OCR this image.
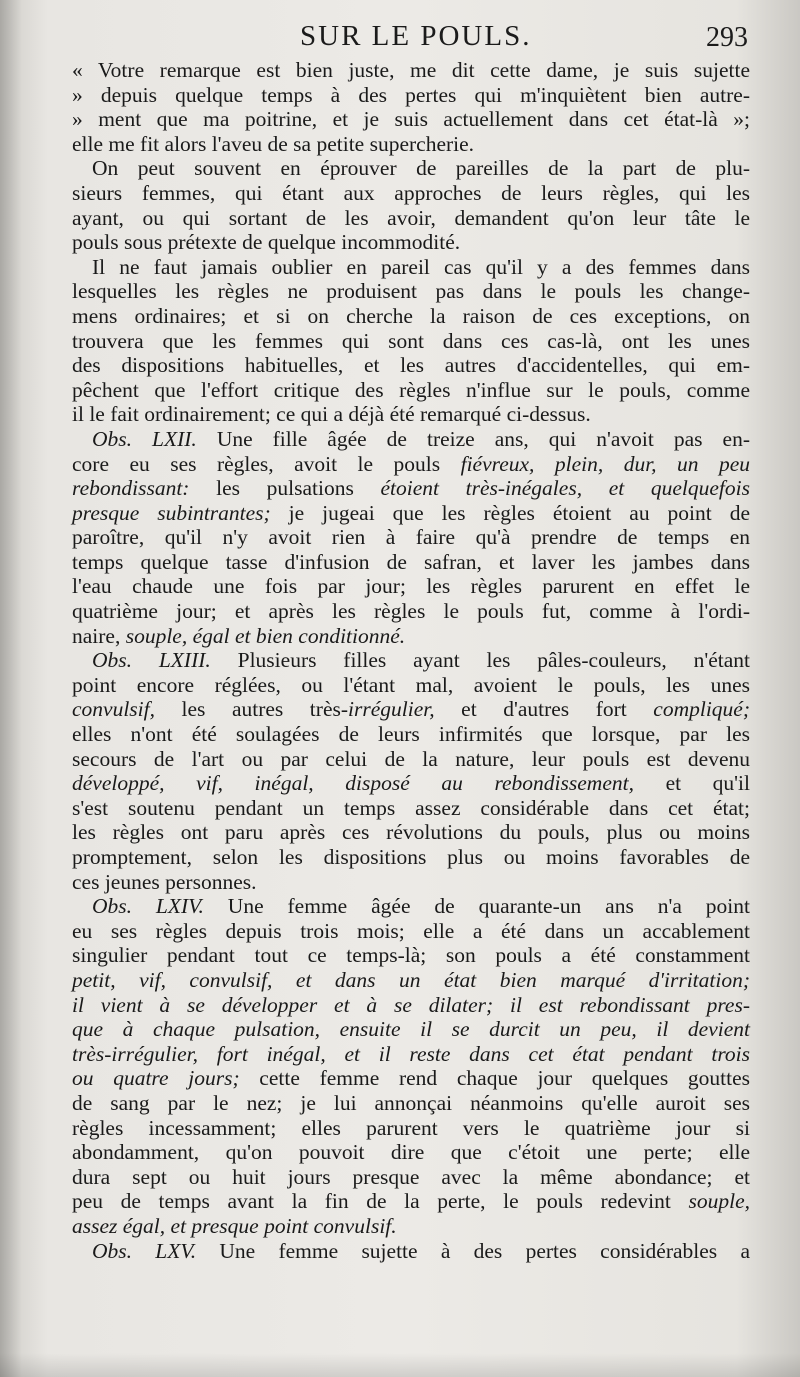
SUR LE POULS.	293
« Votre remarque est bien juste, me dit cette dame, je suis sujette
» depuis quelque temps à des pertes qui m'inquiètent bien autre-
» ment que ma poitrine, et je suis actuellement dans cet état-là »;
elle me fit alors l'aveu de sa petite supercherie.
On peut souvent en éprouver de pareilles de la part de plu-
sieurs femmes, qui étant aux approches de leurs règles, qui les
ayant, ou qui sortant de les avoir, demandent qu'on leur tâte le
pouls sous prétexte de quelque incommodité.
Il ne faut jamais oublier en pareil cas qu'il y a des femmes dans
lesquelles les règles ne produisent pas dans le pouls les change-
mens ordinaires; et si on cherche la raison de ces exceptions, on
trouvera que les femmes qui sont dans ces cas-là, ont les unes
des dispositions habituelles, et les autres d'accidentelles, qui em-
pêchent que l'effort critique des règles n'influe sur le pouls, comme
il le fait ordinairement; ce qui a déjà été remarqué ci-dessus.
Obs. LXII. Une fille âgée de treize ans, qui n'avoit pas en-
core eu ses règles, avoit le pouls fiévreux, plein, dur, un peu
rebondissant: les pulsations étoient très-inégales, et quelquefois
presque subintrantes; je jugeai que les règles étoient au point de
paroître, qu'il n'y avoit rien à faire qu'à prendre de temps en
temps quelque tasse d'infusion de safran, et laver les jambes dans
l'eau chaude une fois par jour; les règles parurent en effet le
quatrième jour; et après les règles le pouls fut, comme à l'ordi-
naire, souple, égal et bien conditionné.
Obs. LXIII. Plusieurs filles ayant les pâles-couleurs, n'étant
point encore réglées, ou l'étant mal, avoient le pouls, les unes
convulsif, les autres très-irrégulier, et d'autres fort compliqué;
elles n'ont été soulagées de leurs infirmités que lorsque, par les
secours de l'art ou par celui de la nature, leur pouls est devenu
développé, vif, inégal, disposé au rebondissement, et qu'il
s'est soutenu pendant un temps assez considérable dans cet état;
les règles ont paru après ces révolutions du pouls, plus ou moins
promptement, selon les dispositions plus ou moins favorables de
ces jeunes personnes.
Obs. LXIV. Une femme âgée de quarante-un ans n'a point
eu ses règles depuis trois mois; elle a été dans un accablement
singulier pendant tout ce temps-là; son pouls a été constamment
petit, vif, convulsif, et dans un état bien marqué d'irritation;
il vient à se développer et à se dilater; il est rebondissant pres-
que à chaque pulsation, ensuite il se durcit un peu, il devient
très-irrégulier, fort inégal, et il reste dans cet état pendant trois
ou quatre jours; cette femme rend chaque jour quelques gouttes
de sang par le nez; je lui annonçai néanmoins qu'elle auroit ses
règles incessamment; elles parurent vers le quatrième jour si
abondamment, qu'on pouvoit dire que c'étoit une perte; elle
dura sept ou huit jours presque avec la même abondance; et
peu de temps avant la fin de la perte, le pouls redevint souple,
assez égal, et presque point convulsif.
Obs. LXV. Une femme sujette à des pertes considérables a
